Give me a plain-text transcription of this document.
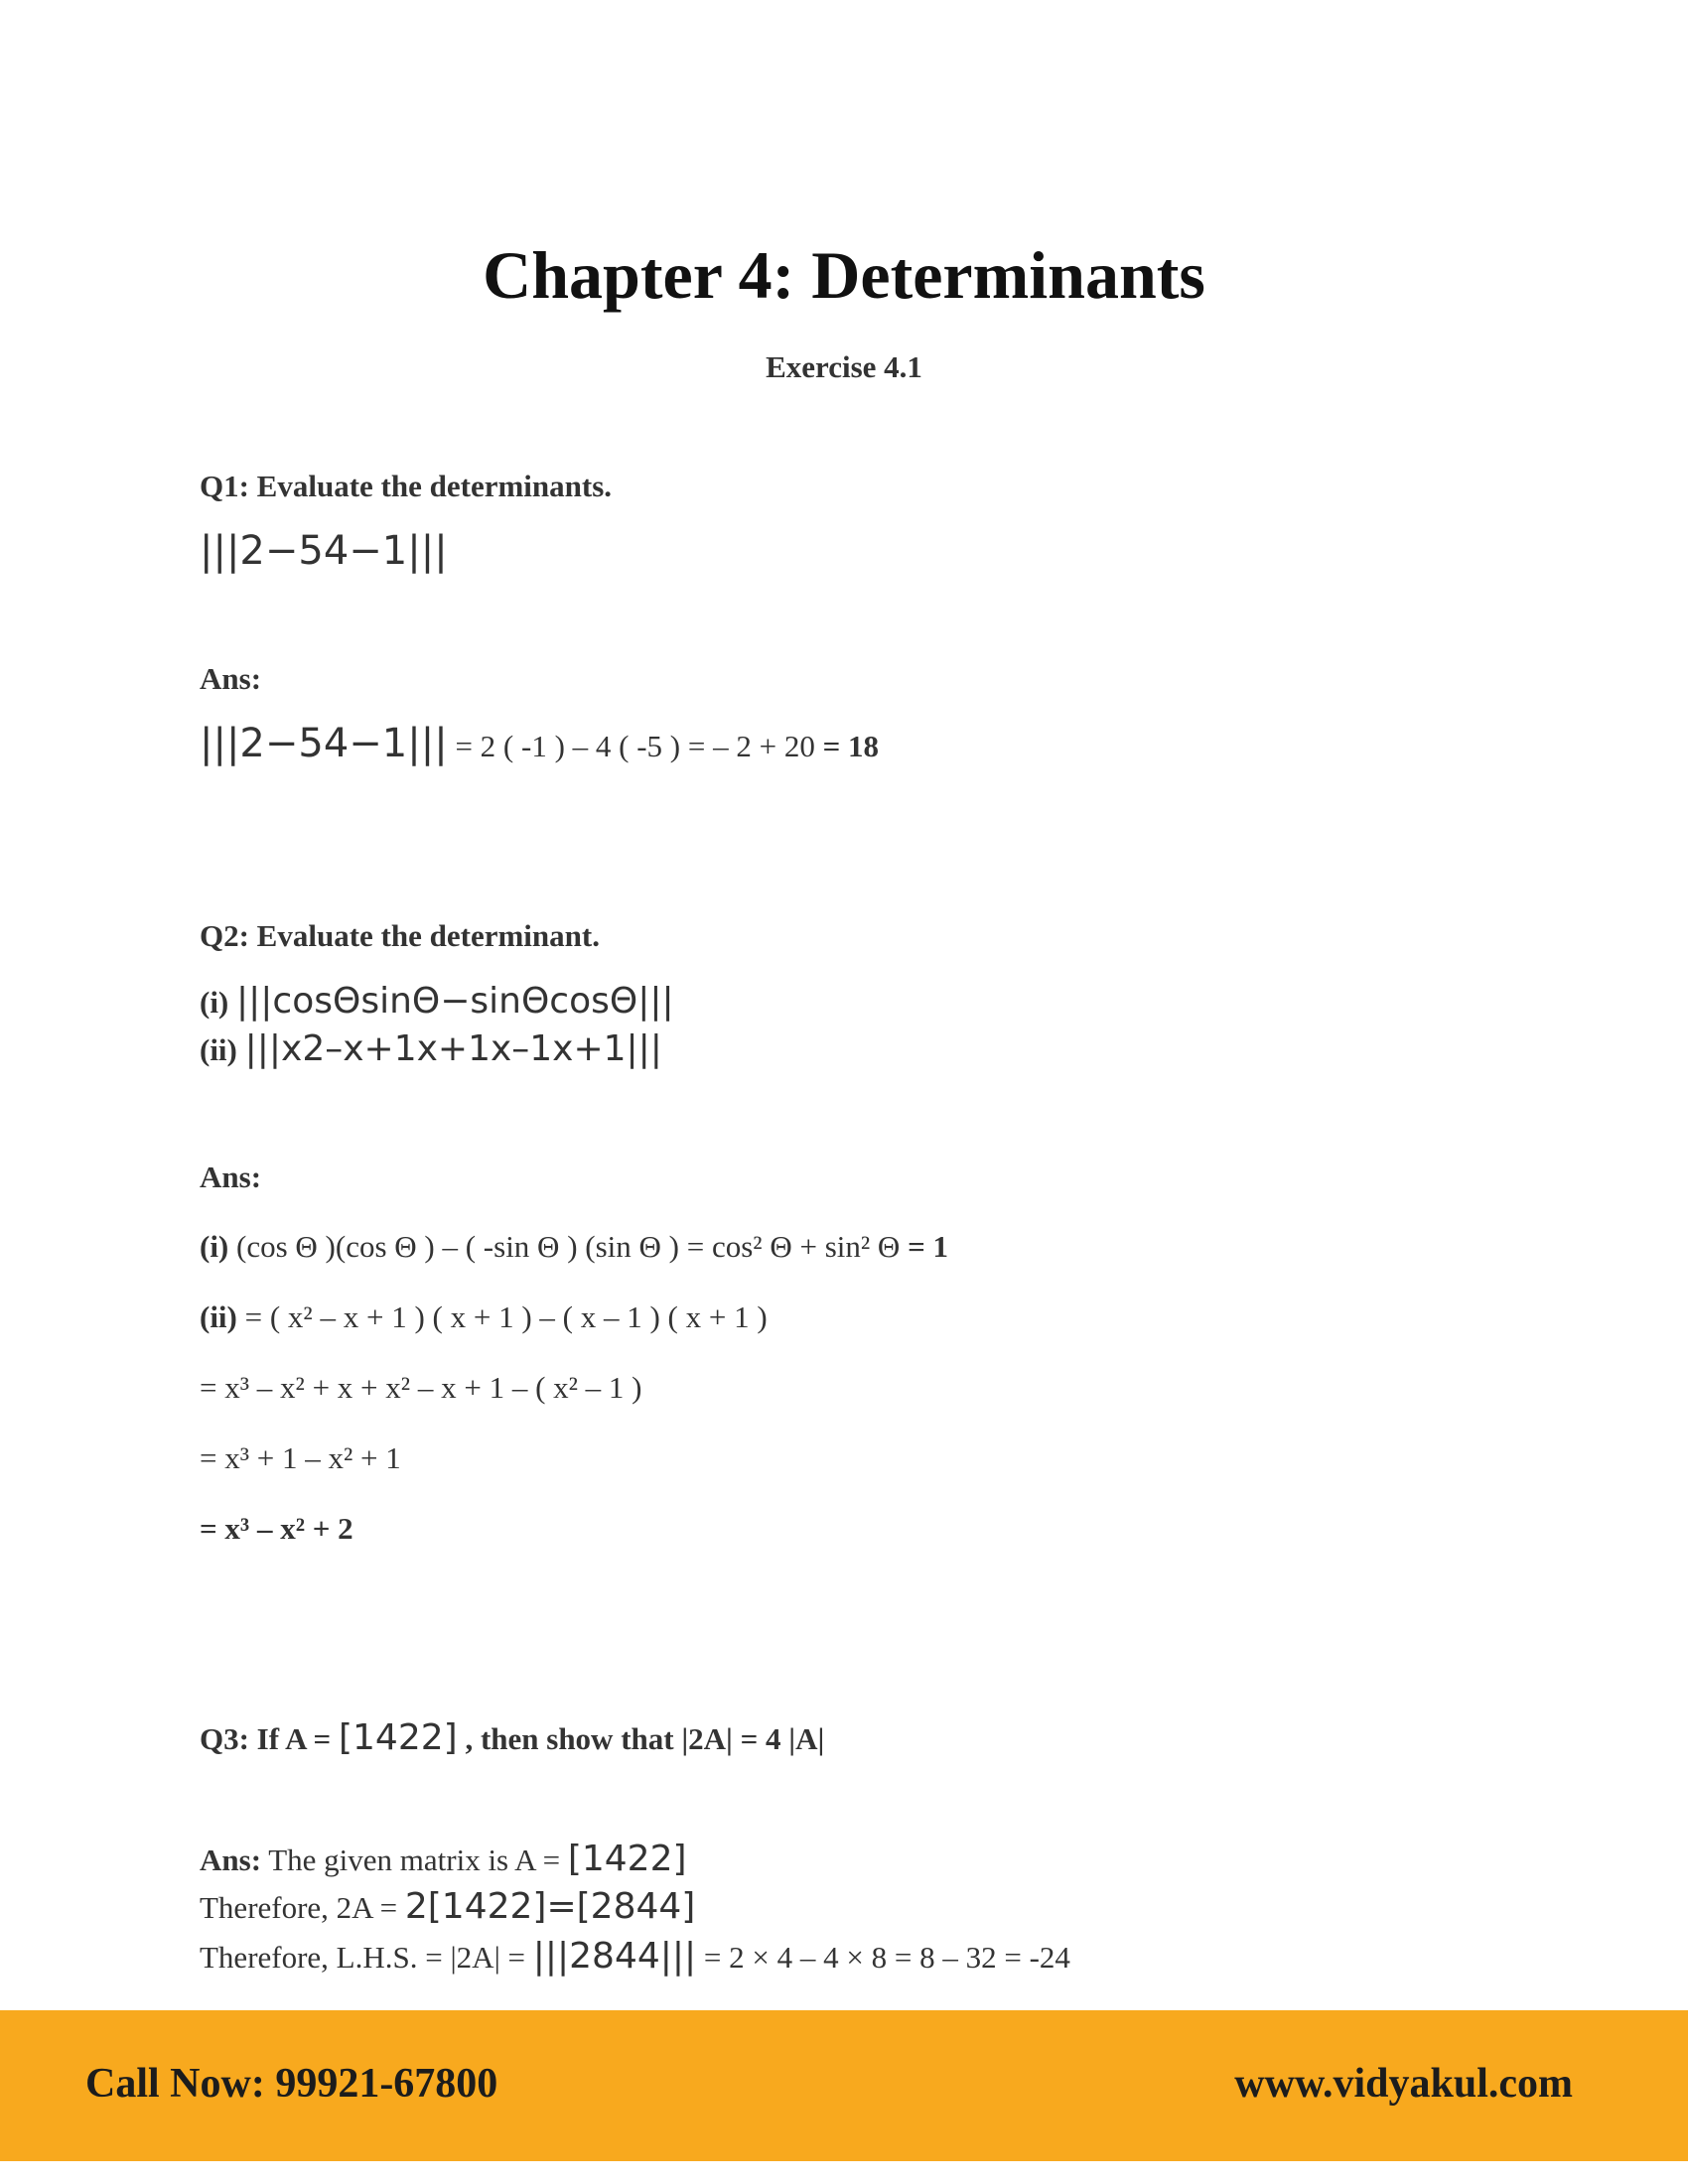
Chapter 4: Determinants
Exercise 4.1
Q1: Evaluate the determinants.
|||2−54−1|||
Ans:
|||2−54−1||| = 2 ( -1 ) – 4 ( -5 ) = – 2 + 20 = 18
Q2: Evaluate the determinant.
(i) |||cosΘsinΘ−sinΘcosΘ|||
(ii) |||x2–x+1x+1x–1x+1|||
Ans:
(i) (cos Θ )(cos Θ ) – ( -sin Θ ) (sin Θ ) = cos² Θ + sin² Θ = 1
(ii) = ( x² – x + 1 ) ( x + 1 ) – ( x – 1 ) ( x + 1 )
= x³ – x² + x + x² – x + 1 – ( x² – 1 )
= x³ + 1 – x² + 1
= x³ – x² + 2
Q3: If A = [1422] , then show that |2A| = 4 |A|
Ans: The given matrix is A = [1422]
Therefore, 2A = 2[1422]=[2844]
Therefore, L.H.S. = |2A| = |||2844||| = 2 × 4 – 4 × 8 = 8 – 32 = -24
Call Now: 99921-67800	www.vidyakul.com
